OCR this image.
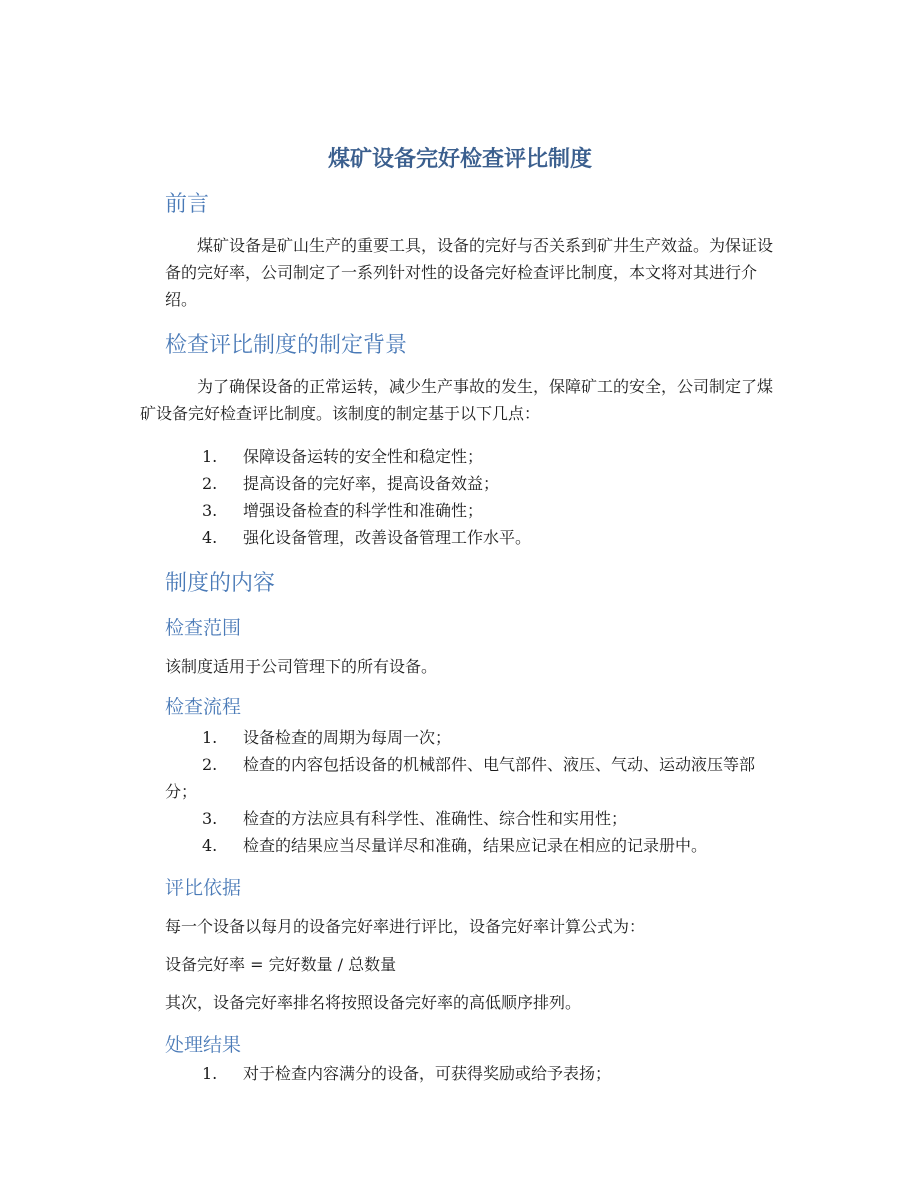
煤矿设备完好检查评比制度
前言

煤矿设备是矿山生产的重要工具，设备的完好与否关系到矿井生产效益。为保证设备的完好率，公司制定了一系列针对性的设备完好检查评比制度，本文将对其进行介绍。

检查评比制度的制定背景

为了确保设备的正常运转，减少生产事故的发生，保障矿工的安全，公司制定了煤矿设备完好检查评比制度。该制度的制定基于以下几点：

1. 保障设备运转的安全性和稳定性；
2. 提高设备的完好率，提高设备效益；
3. 增强设备检查的科学性和准确性；
4. 强化设备管理，改善设备管理工作水平。
制度的内容
检查范围

该制度适用于公司管理下的所有设备。

检查流程
1. 设备检查的周期为每周一次；
2. 检查的内容包括设备的机械部件、电气部件、液压、气动、运动液压等部分；
3. 检查的方法应具有科学性、准确性、综合性和实用性；
4. 检查的结果应当尽量详尽和准确，结果应记录在相应的记录册中。
评比依据

每一个设备以每月的设备完好率进行评比，设备完好率计算公式为：

设备完好率 = 完好数量 / 总数量

其次，设备完好率排名将按照设备完好率的高低顺序排列。

处理结果
1. 对于检查内容满分的设备，可获得奖励或给予表扬；
